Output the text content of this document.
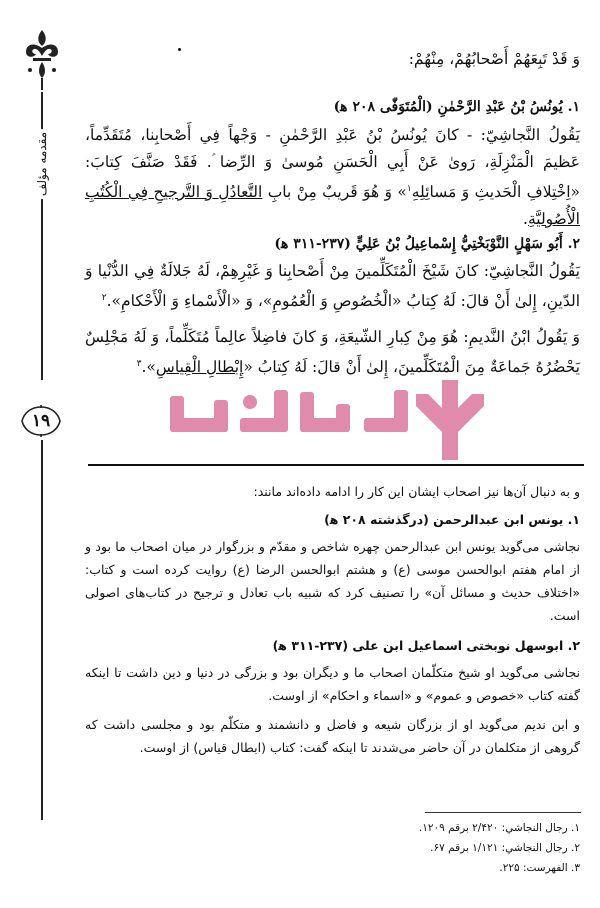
مقدمه مؤلف
۱۹
وَ قَدْ تَبِعَهُمْ أَصْحابُهُمْ، مِنْهُمْ:
۱. يُونُسُ بْنُ عَبْدِ الرَّحْمٰنِ (الْمُتَوَفّٰى ۲۰۸ ه‍)
يَقُولُ النَّجاشِيّ: - كانَ يُونُسُ بْنُ عَبْدِ الرَّحْمٰنِ - وَجْهاً فِي أَصْحابِنا، مُتَقَدِّماً، عَظيمَ الْمَنْزِلَةِ، رَوىٰ عَنْ أَبِي الْحَسَنِ مُوسىٰ وَ الرِّضا ؑ. فَقَدْ صَنَّفَ كِتابَ: «اِخْتِلافِ الْحَديثِ وَ مَسائِلِهِ$^۱$» وَ هُوَ قَريبٌ مِنْ بابِ التَّعادُلِ وَ التَّرجيحِ فِي الْكُتُبِ الْأُصُوليَّةِ.
۲. أَبُو سَهْلٍ النَّوْبَخْتِيُّ إِسْماعِيلُ بْنُ عَلِيٍّ (۲۳۷-۳۱۱ ه‍)
يَقُولُ النَّجاشِيّ: كانَ شَيْخَ الْمُتَكَلِّمينَ مِنْ أَصْحابِنا وَ غَيْرِهِمْ، لَهُ جَلالَةٌ فِي الدُّنْيا وَ الدّينِ، إِلىٰ أَنْ قالَ: لَهُ كِتابُ «الْخُصُوصِ وَ الْعُمُومِ»، وَ «الْأَسْماءِ وَ الْأَحْكامِ».$^۲$
وَ يَقُولُ ابْنُ النَّديمِ: هُوَ مِنْ كِبارِ الشّيعَةِ، وَ كانَ فاضِلاً عالِماً مُتَكَلِّماً، وَ لَهُ مَجْلِسٌ يَحْضُرُهُ جَماعَةٌ مِنَ الْمُتَكَلِّمينَ، إِلىٰ أَنْ قالَ: لَهُ كِتابُ «إِبْطالِ الْقِياسِ».$^۳$
و به دنبال آن‌ها نيز اصحاب ايشان اين كار را ادامه داده‌اند مانند:
۱. يونس ابن عبدالرحمن (درگذشته ۲۰۸ ه‍)
نجاشى مى‌گويد يونس ابن عبدالرحمن چهره شاخص و مقدّم و بزرگوار در ميان اصحاب ما بود و از امام هفتم ابوالحسن موسى (ع) و هشتم ابوالحسن الرضا (ع) روايت كرده است و كتاب: «اختلاف حديث و مسائل آن» را تصنيف كرد كه شبيه باب تعادل و ترجيح در كتاب‌هاى اصولى است.
۲. ابوسهل نوبختى اسماعيل ابن على (۲۳۷-۳۱۱ ه‍)
نجاشى مى‌گويد او شيخ متكلّمان اصحاب ما و ديگران بود و بزرگى در دنيا و دين داشت تا اينكه گفته كتاب «خصوص و عموم» و «اسماء و احكام» از اوست.
و ابن نديم مى‌گويد او از بزرگان شيعه و فاضل و دانشمند و متكلّم بود و مجلسى داشت كه گروهى از متكلمان در آن حاضر مى‌شدند تا اينكه گفت: كتاب (ابطال قياس) از اوست.
۱. رجال النجاشي: ۲/۴۲۰ برقم ۱۲۰۹.
۲. رجال النجاشي: ۱/۱۲۱ برقم ۶۷.
۳. الفهرست: ۲۲۵.
